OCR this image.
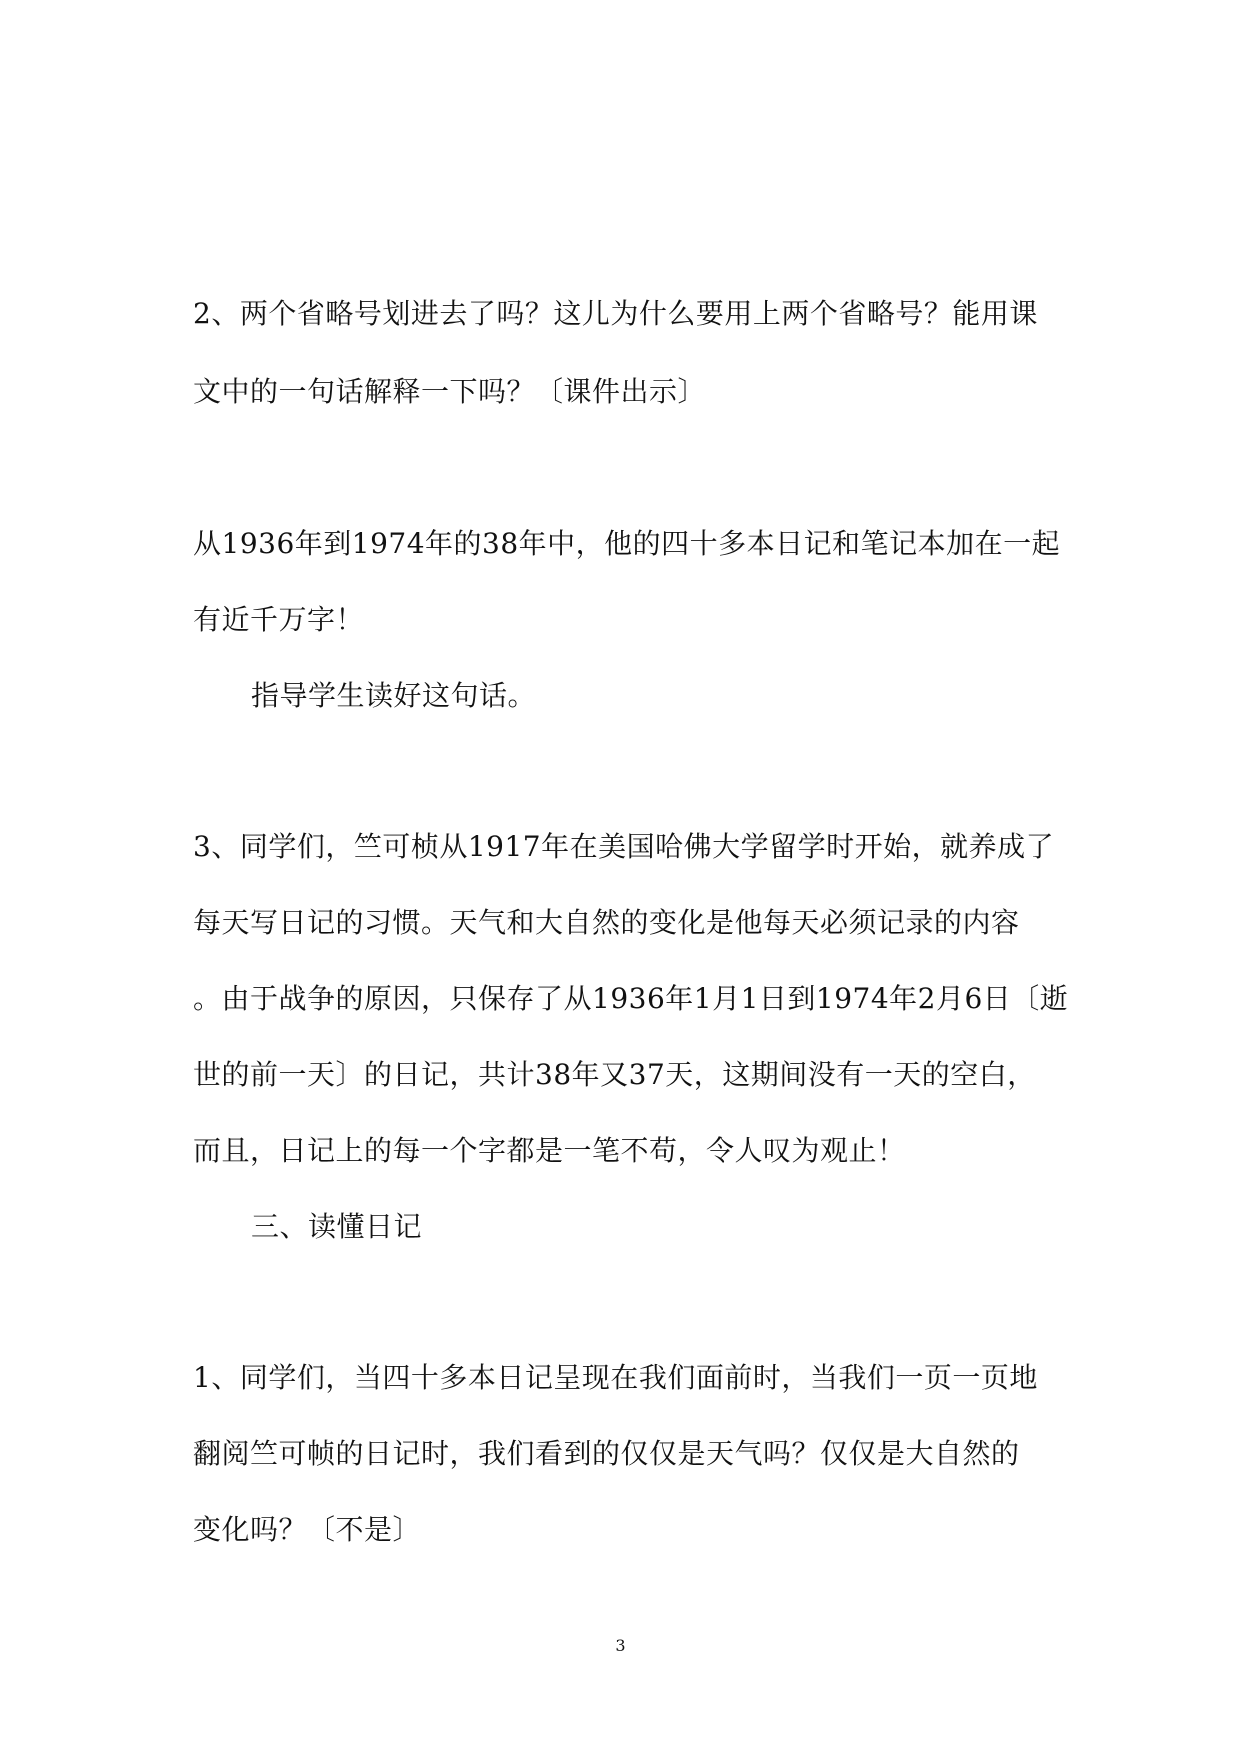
2、两个省略号划进去了吗？这儿为什么要用上两个省略号？能用课

文中的一句话解释一下吗？〔课件出示〕

从1936年到1974年的38年中，他的四十多本日记和笔记本加在一起

有近千万字！

指导学生读好这句话。

3、同学们，竺可桢从1917年在美国哈佛大学留学时开始，就养成了

每天写日记的习惯。天气和大自然的变化是他每天必须记录的内容

。由于战争的原因，只保存了从1936年1月1日到1974年2月6日〔逝

世的前一天〕的日记，共计38年又37天，这期间没有一天的空白，

而且，日记上的每一个字都是一笔不苟，令人叹为观止！

三、读懂日记

1、同学们，当四十多本日记呈现在我们面前时，当我们一页一页地

翻阅竺可帧的日记时，我们看到的仅仅是天气吗？仅仅是大自然的

变化吗？〔不是〕

3
